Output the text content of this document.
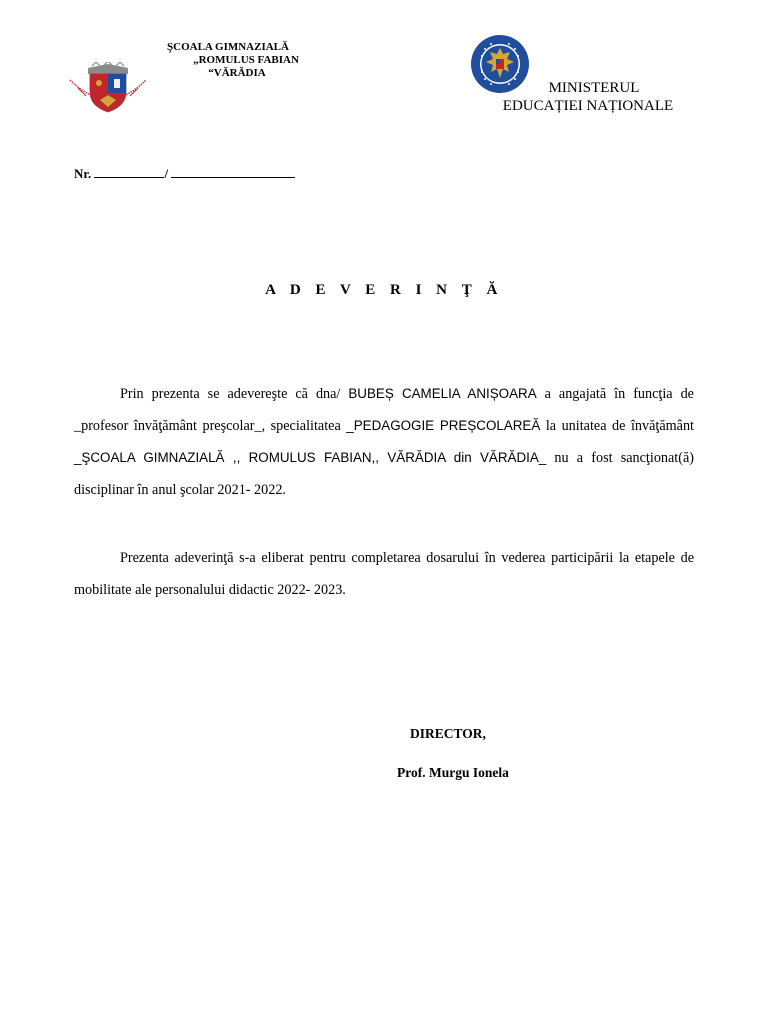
ŞCOALA GIMNAZIALĂ
„ROMULUS FABIAN
“VĂRĂDIA
MINISTERUL
EDUCAȚIEI NAȚIONALE
Nr.	/
A D E V E R I N Ţ Ă
Prin prezenta se adevereşte că dna/ BUBEȘ CAMELIA ANIȘOARA a angajată în funcţia de _profesor învăţământ preşcolar_, specialitatea _PEDAGOGIE PREȘCOLAREĂ la unitatea de învăţământ _ŞCOALA GIMNAZIALĂ ,, ROMULUS FABIAN,, VĂRĂDIA din VĂRĂDIA_ nu a fost sancţionat(ă) disciplinar în anul şcolar 2021- 2022.
Prezenta adeverinţă s-a eliberat pentru completarea dosarului în vederea participării la etapele de mobilitate ale personalului didactic 2022- 2023.
DIRECTOR,
Prof. Murgu Ionela
